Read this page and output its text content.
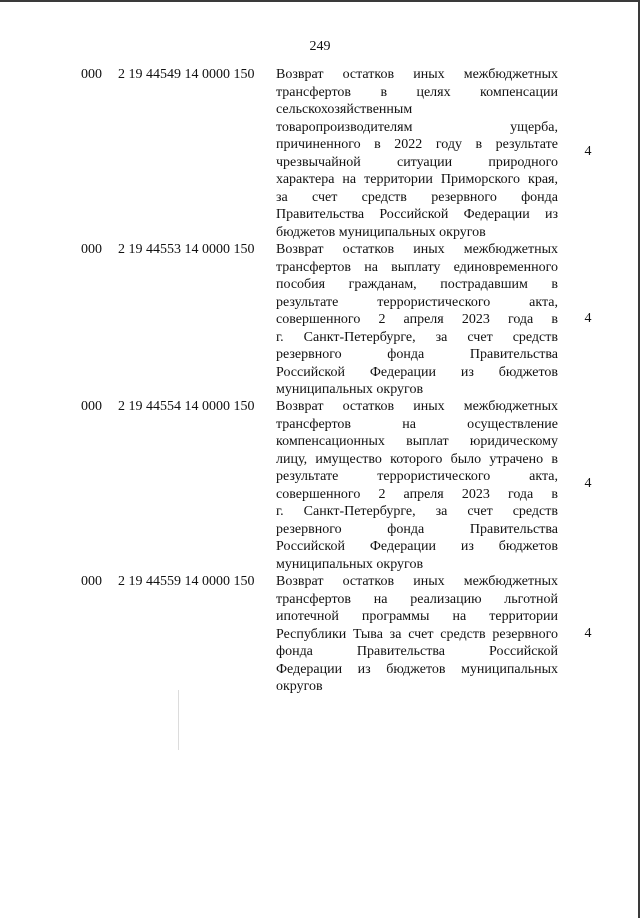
249
000 2 19 44549 14 0000 150 Возврат остатков иных межбюджетных
трансфертов в целях компенсации
сельскохозяйственным
товаропроизводителям ущерба,
причиненного в 2022 году в результате
чрезвычайной ситуации природного
характера на территории Приморского края,
за счет средств резервного фонда
Правительства Российской Федерации из
бюджетов муниципальных округов
4
000 2 19 44553 14 0000 150 Возврат остатков иных межбюджетных
трансфертов на выплату единовременного
пособия гражданам, пострадавшим в
результате террористического акта,
совершенного 2 апреля 2023 года в
г. Санкт-Петербурге, за счет средств
резервного фонда Правительства
Российской Федерации из бюджетов
муниципальных округов
4
000 2 19 44554 14 0000 150 Возврат остатков иных межбюджетных
трансфертов на осуществление
компенсационных выплат юридическому
лицу, имущество которого было утрачено в
результате террористического акта,
совершенного 2 апреля 2023 года в
г. Санкт-Петербурге, за счет средств
резервного фонда Правительства
Российской Федерации из бюджетов
муниципальных округов
4
000 2 19 44559 14 0000 150 Возврат остатков иных межбюджетных
трансфертов на реализацию льготной
ипотечной программы на территории
Республики Тыва за счет средств резервного
фонда Правительства Российской
Федерации из бюджетов муниципальных
округов
4
